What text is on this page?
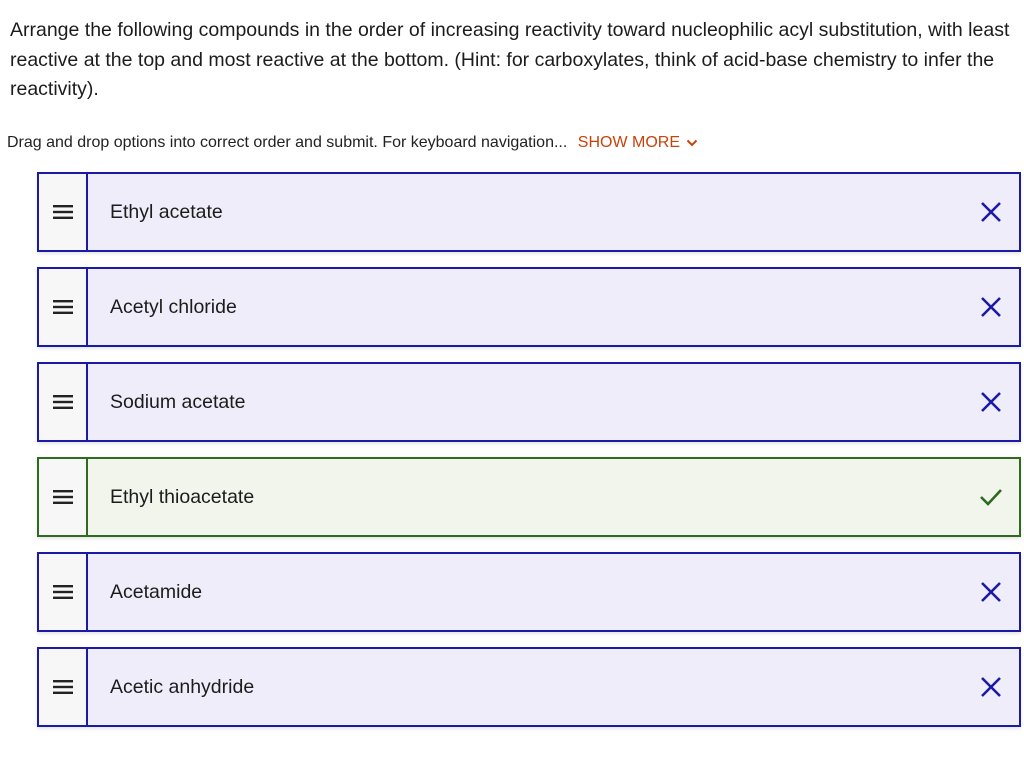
Arrange the following compounds in the order of increasing reactivity toward nucleophilic acyl substitution, with least reactive at the top and most reactive at the bottom. (Hint: for carboxylates, think of acid-base chemistry to infer the reactivity).

Drag and drop options into correct order and submit. For keyboard navigation... SHOW MORE
Ethyl acetate
Acetyl chloride
Sodium acetate
Ethyl thioacetate
Acetamide
Acetic anhydride
